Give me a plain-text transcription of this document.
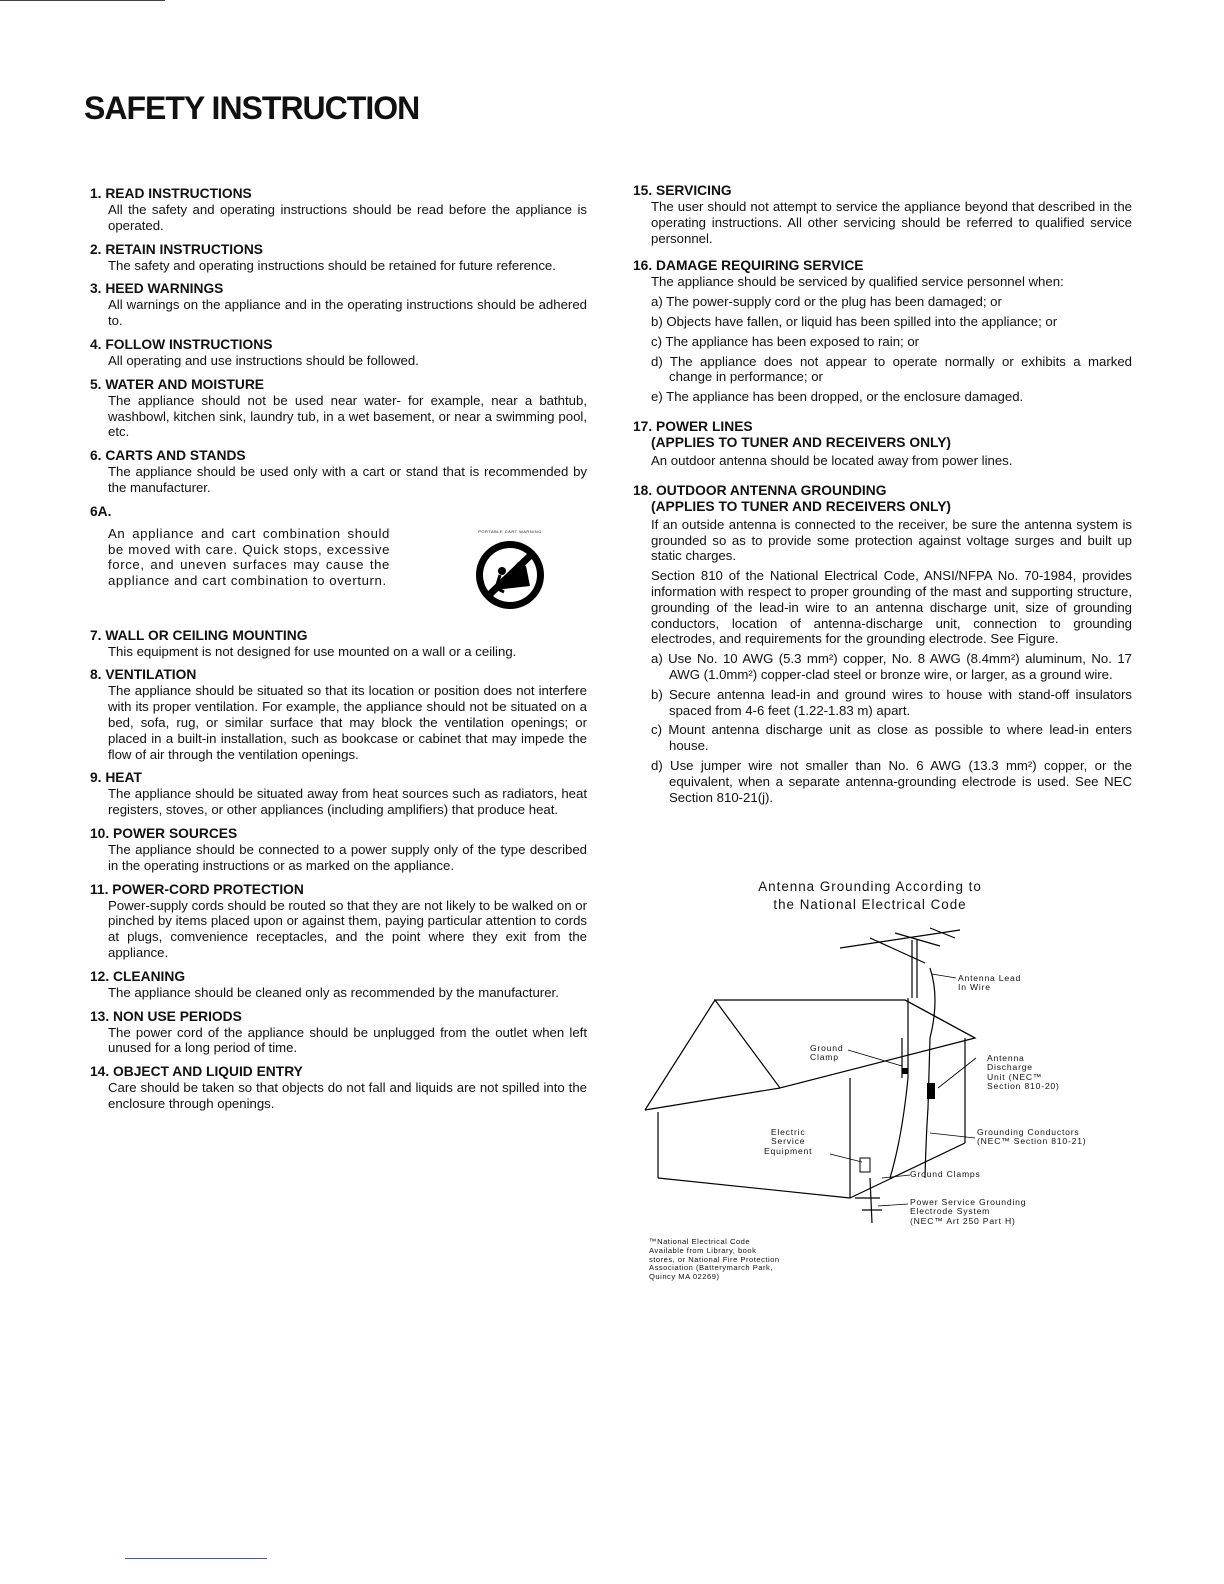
SAFETY INSTRUCTION
1. READ INSTRUCTIONS
All the safety and operating instructions should be read before the appliance is operated.
2. RETAIN INSTRUCTIONS
The safety and operating instructions should be retained for future reference.
3. HEED WARNINGS
All warnings on the appliance and in the operating instructions should be adhered to.
4. FOLLOW INSTRUCTIONS
All operating and use instructions should be followed.
5. WATER AND MOISTURE
The appliance should not be used near water- for example, near a bathtub, washbowl, kitchen sink, laundry tub, in a wet basement, or near a swimming pool, etc.
6. CARTS AND STANDS
The appliance should be used only with a cart or stand that is recommended by the manufacturer.
6A.
An appliance and cart combination should be moved with care. Quick stops, excessive force, and uneven surfaces may cause the appliance and cart combination to overturn.
PORTABLE CART WARNING
7. WALL OR CEILING MOUNTING
This equipment is not designed for use mounted on a wall or a ceiling.
8. VENTILATION
The appliance should be situated so that its location or position does not interfere with its proper ventilation. For example, the appliance should not be situated on a bed, sofa, rug, or similar surface that may block the ventilation openings; or placed in a built-in installation, such as bookcase or cabinet that may impede the flow of air through the ventilation openings.
9. HEAT
The appliance should be situated away from heat sources such as radiators, heat registers, stoves, or other appliances (including amplifiers) that produce heat.
10. POWER SOURCES
The appliance should be connected to a power supply only of the type described in the operating instructions or as marked on the appliance.
11. POWER-CORD PROTECTION
Power-supply cords should be routed so that they are not likely to be walked on or pinched by items placed upon or against them, paying particular attention to cords at plugs, comvenience receptacles, and the point where they exit from the appliance.
12. CLEANING
The appliance should be cleaned only as recommended by the manufacturer.
13. NON USE PERIODS
The power cord of the appliance should be unplugged from the outlet when left unused for a long period of time.
14. OBJECT AND LIQUID ENTRY
Care should be taken so that objects do not fall and liquids are not spilled into the enclosure through openings.
15. SERVICING
The user should not attempt to service the appliance beyond that described in the operating instructions. All other servicing should be referred to qualified service personnel.
16. DAMAGE REQUIRING SERVICE

The appliance should be serviced by qualified service personnel when:

a) The power-supply cord or the plug has been damaged; or
b) Objects have fallen, or liquid has been spilled into the appliance; or
c) The appliance has been exposed to rain; or
d) The appliance does not appear to operate normally or exhibits a marked change in performance; or
e) The appliance has been dropped, or the enclosure damaged.
17. POWER LINES
(APPLIES TO TUNER AND RECEIVERS ONLY)
An outdoor antenna should be located away from power lines.
18. OUTDOOR ANTENNA GROUNDING
(APPLIES TO TUNER AND RECEIVERS ONLY)

If an outside antenna is connected to the receiver, be sure the antenna system is grounded so as to provide some protection against voltage surges and built up static charges.

Section 810 of the National Electrical Code, ANSI/NFPA No. 70-1984, provides information with respect to proper grounding of the mast and supporting structure, grounding of the lead-in wire to an antenna discharge unit, size of grounding conductors, location of antenna-discharge unit, connection to grounding electrodes, and requirements for the grounding electrode. See Figure.

a) Use No. 10 AWG (5.3 mm²) copper, No. 8 AWG (8.4mm²) aluminum, No. 17 AWG (1.0mm²) copper-clad steel or bronze wire, or larger, as a ground wire.
b) Secure antenna lead-in and ground wires to house with stand-off insulators spaced from 4-6 feet (1.22-1.83 m) apart.
c) Mount antenna discharge unit as close as possible to where lead-in enters house.
d) Use jumper wire not smaller than No. 6 AWG (13.3 mm²) copper, or the equivalent, when a separate antenna-grounding electrode is used. See NEC Section 810-21(j).
Antenna Grounding According to
the National Electrical Code
Antenna Lead
In Wire
Ground
Clamp	Antenna
Discharge
Unit (NEC™
Section 810-20)
Electric
Service
Equipment
Grounding Conductors
(NEC™ Section 810-21)
Ground Clamps
Power Service Grounding
Electrode System
(NEC™ Art 250 Part H)
™National Electrical Code
Available from Library, book
stores, or National Fire Protection
Association (Batterymarch Park,
Quincy MA 02269)
